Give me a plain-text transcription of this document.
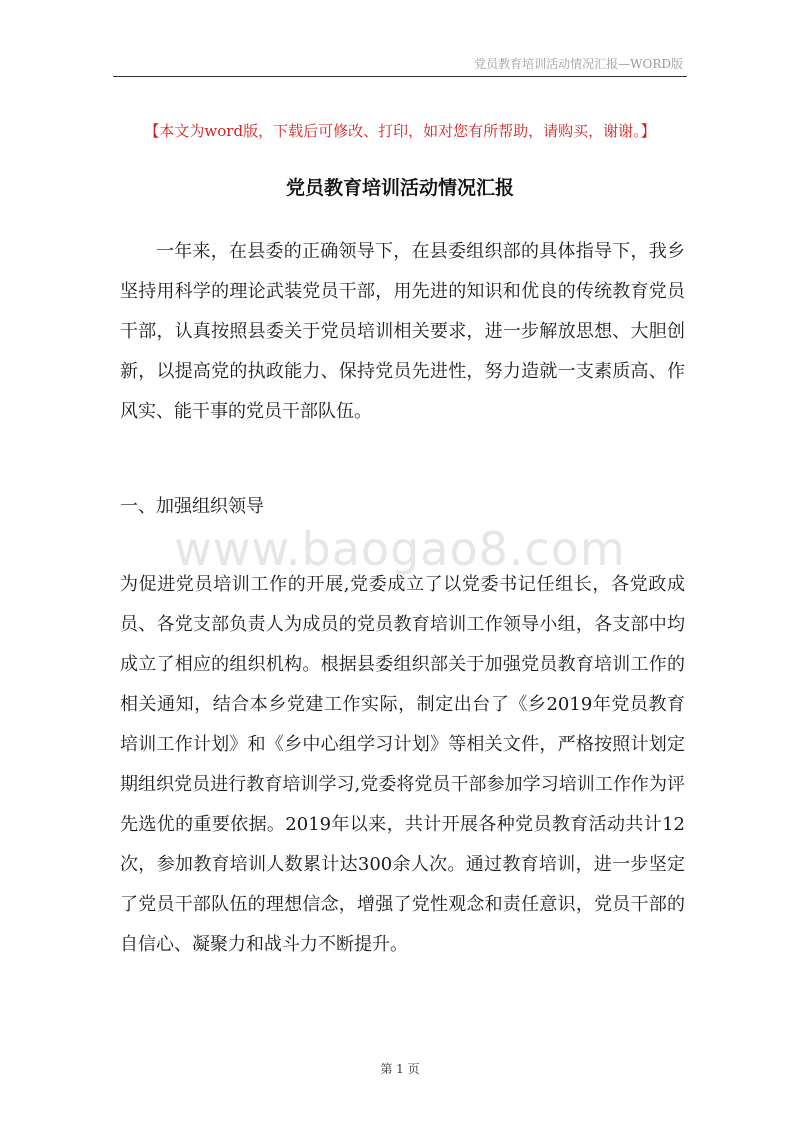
党员教育培训活动情况汇报—WORD版
【本文为word版，下载后可修改、打印，如对您有所帮助，请购买，谢谢。】
党员教育培训活动情况汇报

一年来，在县委的正确领导下，在县委组织部的具体指导下，我乡坚持用科学的理论武装党员干部，用先进的知识和优良的传统教育党员干部，认真按照县委关于党员培训相关要求，进一步解放思想、大胆创新，以提高党的执政能力、保持党员先进性，努力造就一支素质高、作风实、能干事的党员干部队伍。

一、加强组织领导
www.baogao8.com

为促进党员培训工作的开展,党委成立了以党委书记任组长，各党政成员、各党支部负责人为成员的党员教育培训工作领导小组，各支部中均成立了相应的组织机构。根据县委组织部关于加强党员教育培训工作的相关通知，结合本乡党建工作实际，制定出台了《乡2019年党员教育培训工作计划》和《乡中心组学习计划》等相关文件，严格按照计划定期组织党员进行教育培训学习,党委将党员干部参加学习培训工作作为评先选优的重要依据。2019年以来，共计开展各种党员教育活动共计12次，参加教育培训人数累计达300余人次。通过教育培训，进一步坚定了党员干部队伍的理想信念，增强了党性观念和责任意识，党员干部的自信心、凝聚力和战斗力不断提升。

第 1 页
